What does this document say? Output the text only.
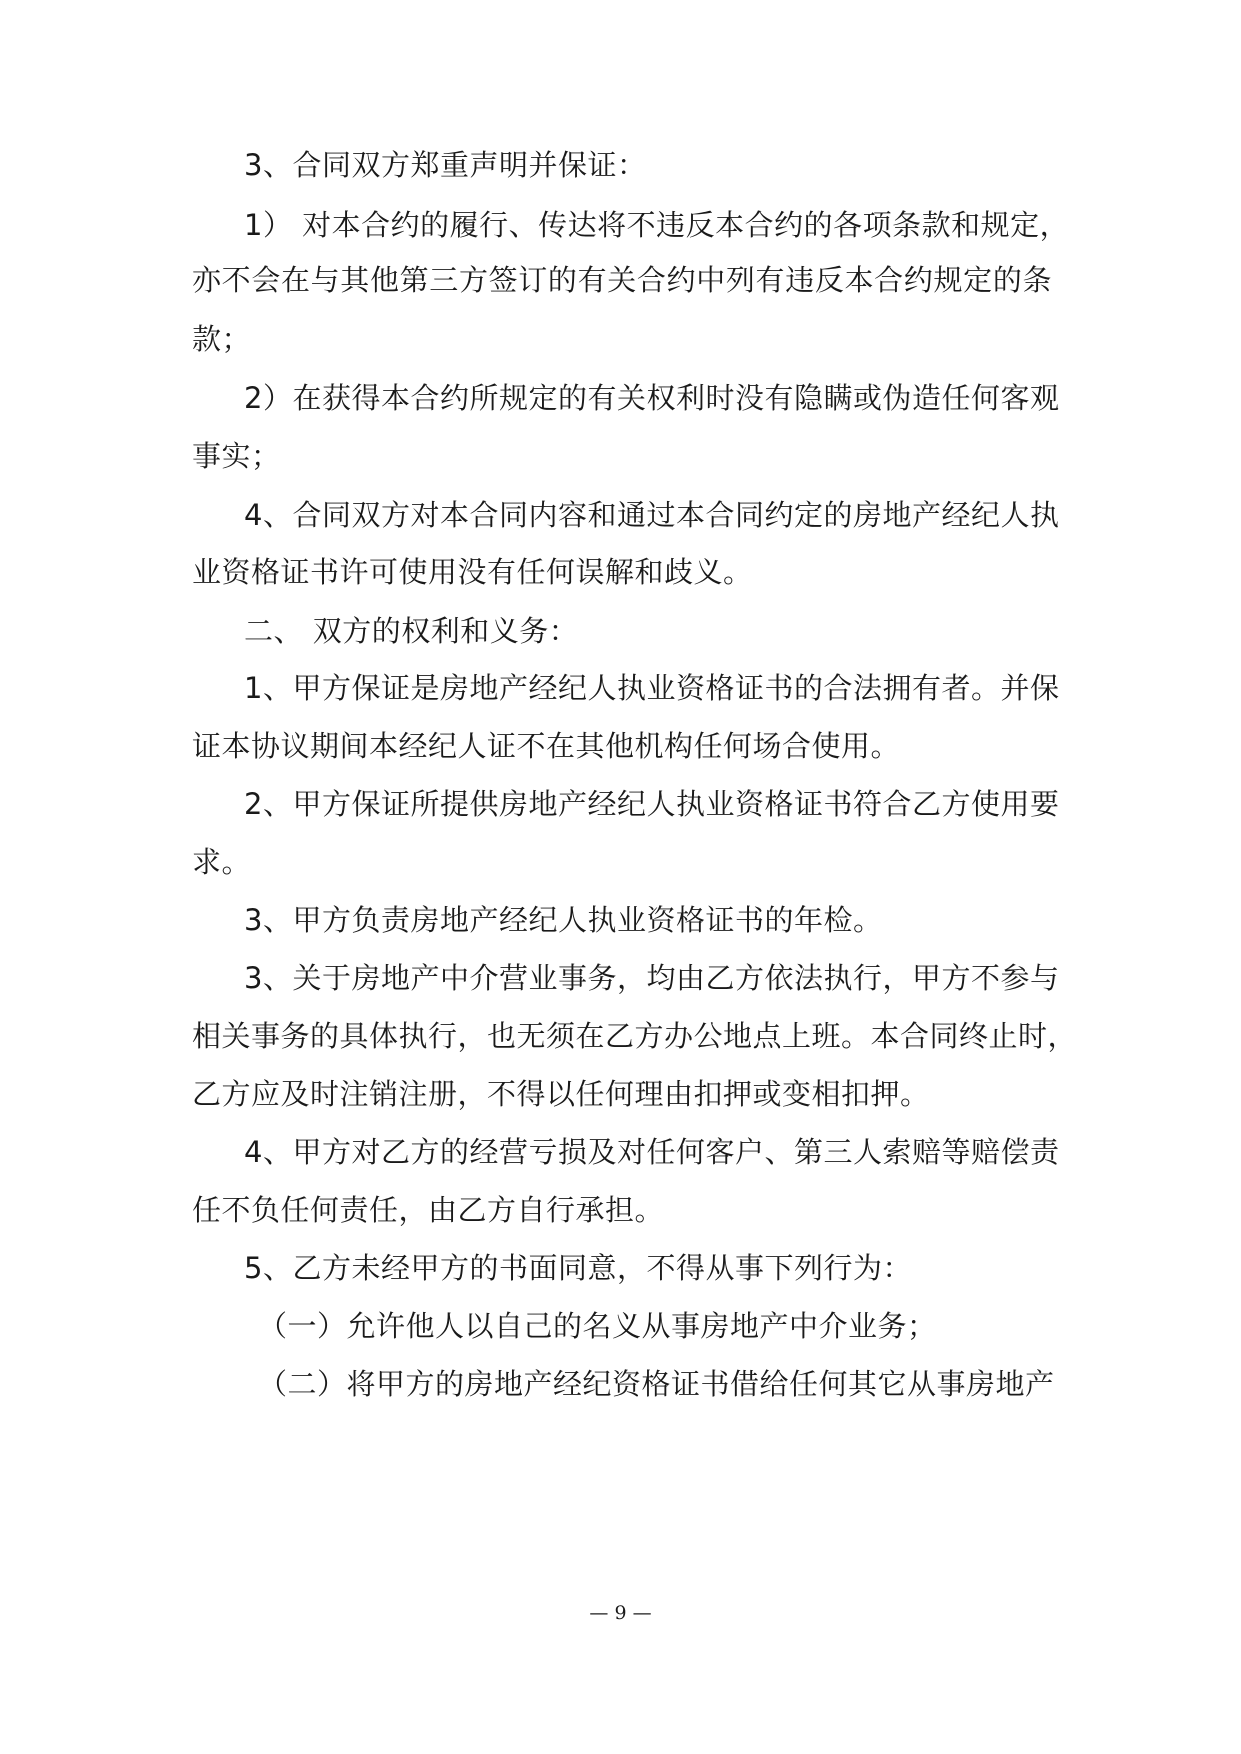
3、合同双方郑重声明并保证：
1） 对本合约的履行、传达将不违反本合约的各项条款和规定，
亦不会在与其他第三方签订的有关合约中列有违反本合约规定的条
款；
2）在获得本合约所规定的有关权利时没有隐瞒或伪造任何客观
事实；
4、合同双方对本合同内容和通过本合同约定的房地产经纪人执
业资格证书许可使用没有任何误解和歧义。
二、 双方的权利和义务：
1、甲方保证是房地产经纪人执业资格证书的合法拥有者。并保
证本协议期间本经纪人证不在其他机构任何场合使用。
2、甲方保证所提供房地产经纪人执业资格证书符合乙方使用要
求。
3、甲方负责房地产经纪人执业资格证书的年检。
3、关于房地产中介营业事务，均由乙方依法执行，甲方不参与
相关事务的具体执行，也无须在乙方办公地点上班。本合同终止时，
乙方应及时注销注册，不得以任何理由扣押或变相扣押。
4、甲方对乙方的经营亏损及对任何客户、第三人索赔等赔偿责
任不负任何责任，由乙方自行承担。
5、乙方未经甲方的书面同意，不得从事下列行为：
（一）允许他人以自己的名义从事房地产中介业务；
（二）将甲方的房地产经纪资格证书借给任何其它从事房地产
— 9 —
